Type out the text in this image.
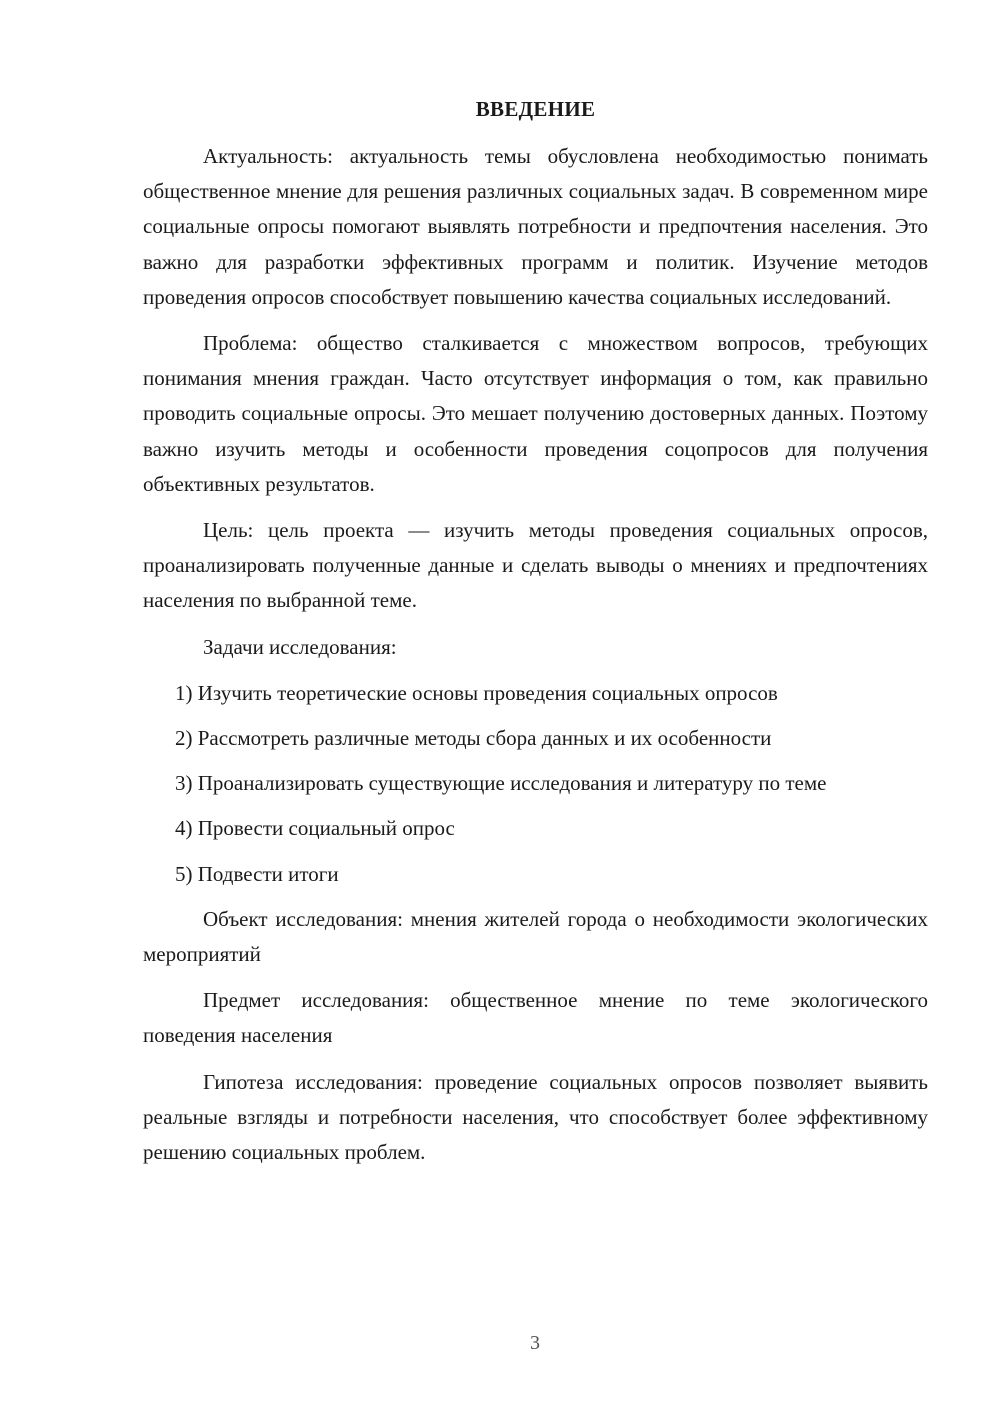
ВВЕДЕНИЕ

Актуальность: актуальность темы обусловлена необходимостью понимать общественное мнение для решения различных социальных задач. В современном мире социальные опросы помогают выявлять потребности и предпочтения населения. Это важно для разработки эффективных программ и политик. Изучение методов проведения опросов способствует повышению качества социальных исследований.

Проблема: общество сталкивается с множеством вопросов, требующих понимания мнения граждан. Часто отсутствует информация о том, как правильно проводить социальные опросы. Это мешает получению достоверных данных. Поэтому важно изучить методы и особенности проведения соцопросов для получения объективных результатов.

Цель: цель проекта — изучить методы проведения социальных опросов, проанализировать полученные данные и сделать выводы о мнениях и предпочтениях населения по выбранной теме.

Задачи исследования:

1) Изучить теоретические основы проведения социальных опросов

2) Рассмотреть различные методы сбора данных и их особенности

3) Проанализировать существующие исследования и литературу по теме

4) Провести социальный опрос

5) Подвести итоги

Объект исследования: мнения жителей города о необходимости экологических мероприятий

Предмет исследования: общественное мнение по теме экологического поведения населения

Гипотеза исследования: проведение социальных опросов позволяет выявить реальные взгляды и потребности населения, что способствует более эффективному решению социальных проблем.

3
